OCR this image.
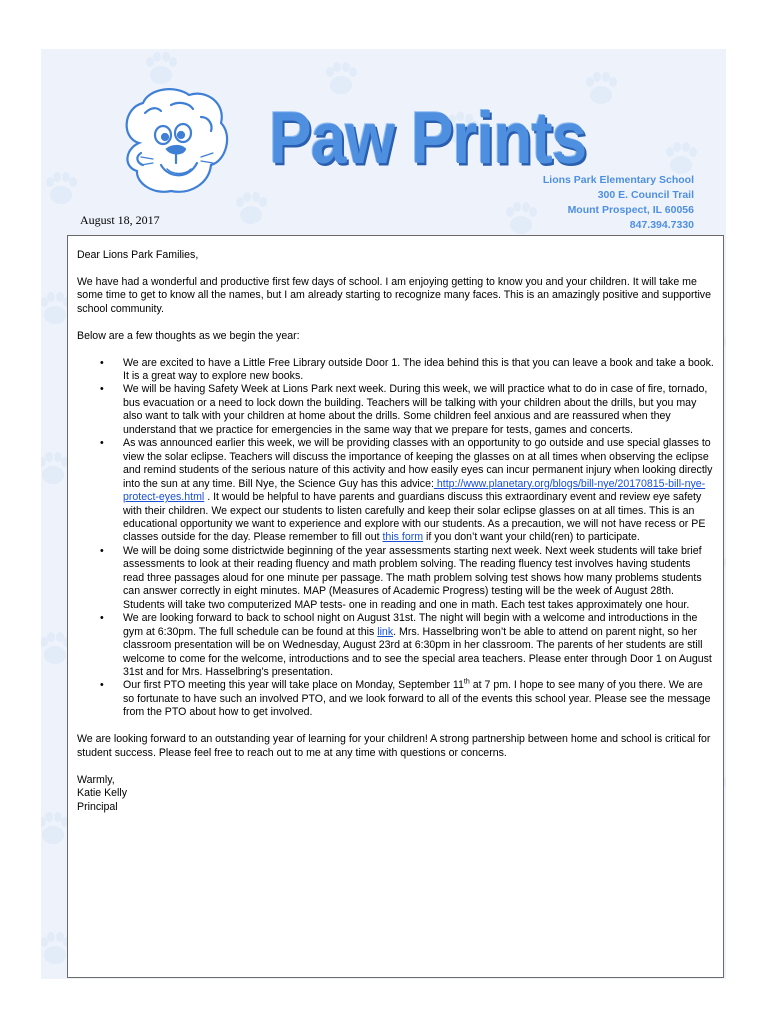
Paw Prints
Lions Park Elementary School
300 E. Council Trail
Mount Prospect, IL 60056
847.394.7330
August 18, 2017

Dear Lions Park Families,

We have had a wonderful and productive first few days of school. I am enjoying getting to know you and your children. It will take me some time to get to know all the names, but I am already starting to recognize many faces. This is an amazingly positive and supportive school community.

Below are a few thoughts as we begin the year:

• We are excited to have a Little Free Library outside Door 1. The idea behind this is that you can leave a book and take a book. It is a great way to explore new books.
• We will be having Safety Week at Lions Park next week. During this week, we will practice what to do in case of fire, tornado, bus evacuation or a need to lock down the building. Teachers will be talking with your children about the drills, but you may also want to talk with your children at home about the drills. Some children feel anxious and are reassured when they understand that we practice for emergencies in the same way that we prepare for tests, games and concerts.
• As was announced earlier this week, we will be providing classes with an opportunity to go outside and use special glasses to view the solar eclipse. Teachers will discuss the importance of keeping the glasses on at all times when observing the eclipse and remind students of the serious nature of this activity and how easily eyes can incur permanent injury when looking directly into the sun at any time. Bill Nye, the Science Guy has this advice: http://www.planetary.org/blogs/bill-nye/20170815-bill-nye-protect-eyes.html . It would be helpful to have parents and guardians discuss this extraordinary event and review eye safety with their children. We expect our students to listen carefully and keep their solar eclipse glasses on at all times. This is an educational opportunity we want to experience and explore with our students. As a precaution, we will not have recess or PE classes outside for the day. Please remember to fill out this form if you don’t want your child(ren) to participate.
• We will be doing some districtwide beginning of the year assessments starting next week. Next week students will take brief assessments to look at their reading fluency and math problem solving. The reading fluency test involves having students read three passages aloud for one minute per passage. The math problem solving test shows how many problems students can answer correctly in eight minutes. MAP (Measures of Academic Progress) testing will be the week of August 28th. Students will take two computerized MAP tests- one in reading and one in math. Each test takes approximately one hour.
• We are looking forward to back to school night on August 31st. The night will begin with a welcome and introductions in the gym at 6:30pm. The full schedule can be found at this link. Mrs. Hasselbring won’t be able to attend on parent night, so her classroom presentation will be on Wednesday, August 23rd at 6:30pm in her classroom. The parents of her students are still welcome to come for the welcome, introductions and to see the special area teachers. Please enter through Door 1 on August 31st and for Mrs. Hasselbring’s presentation.
• Our first PTO meeting this year will take place on Monday, September 11th at 7 pm. I hope to see many of you there. We are so fortunate to have such an involved PTO, and we look forward to all of the events this school year. Please see the message from the PTO about how to get involved.

We are looking forward to an outstanding year of learning for your children! A strong partnership between home and school is critical for student success. Please feel free to reach out to me at any time with questions or concerns.

Warmly,
Katie Kelly
Principal
